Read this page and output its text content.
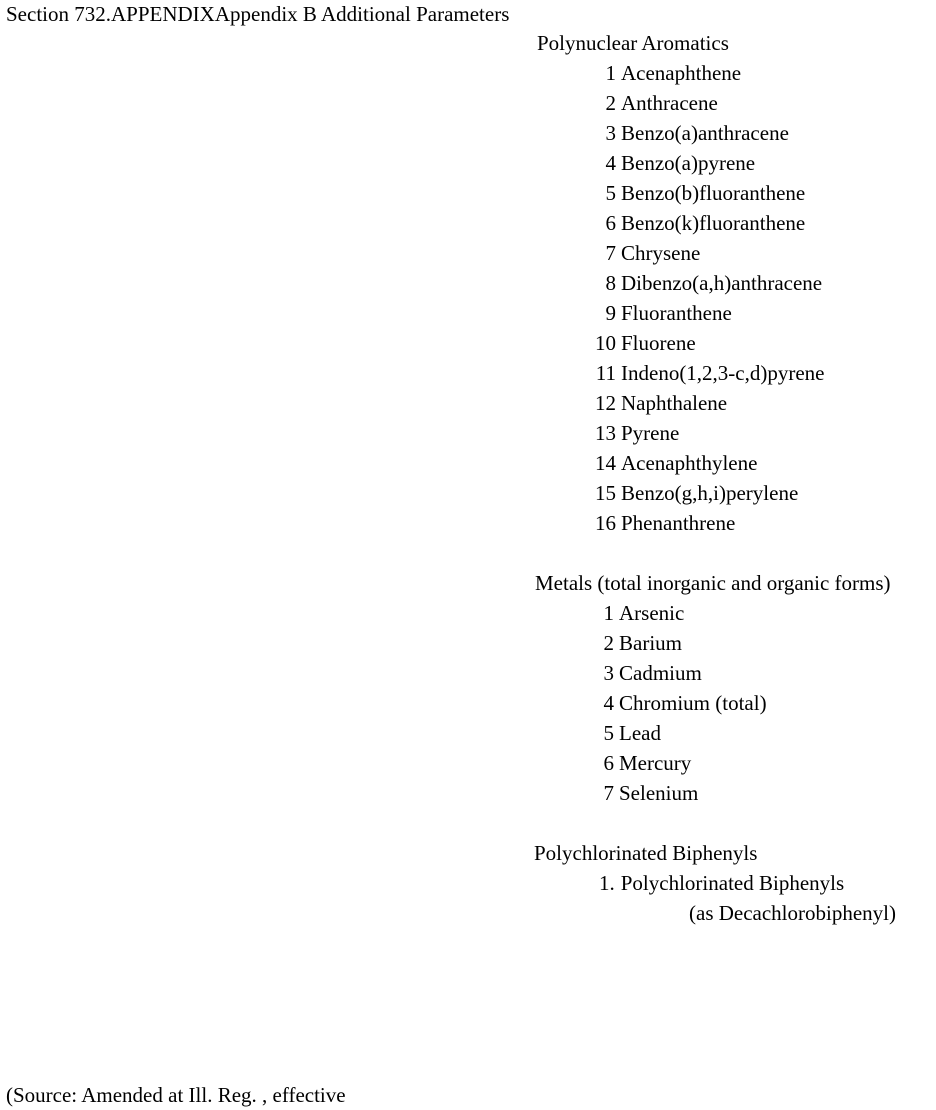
Section 732.APPENDIXAppendix B Additional Parameters
Polynuclear Aromatics
1 Acenaphthene
2 Anthracene
3 Benzo(a)anthracene
4 Benzo(a)pyrene
5 Benzo(b)fluoranthene
6 Benzo(k)fluoranthene
7 Chrysene
8 Dibenzo(a,h)anthracene
9 Fluoranthene
10 Fluorene
11 Indeno(1,2,3-c,d)pyrene
12 Naphthalene
13 Pyrene
14 Acenaphthylene
15 Benzo(g,h,i)perylene
16 Phenanthrene
Metals (total inorganic and organic forms)
1 Arsenic
2 Barium
3 Cadmium
4 Chromium (total)
5 Lead
6 Mercury
7 Selenium
Polychlorinated Biphenyls
1. Polychlorinated Biphenyls
(as Decachlorobiphenyl)
(Source: Amended at Ill. Reg. , effective
